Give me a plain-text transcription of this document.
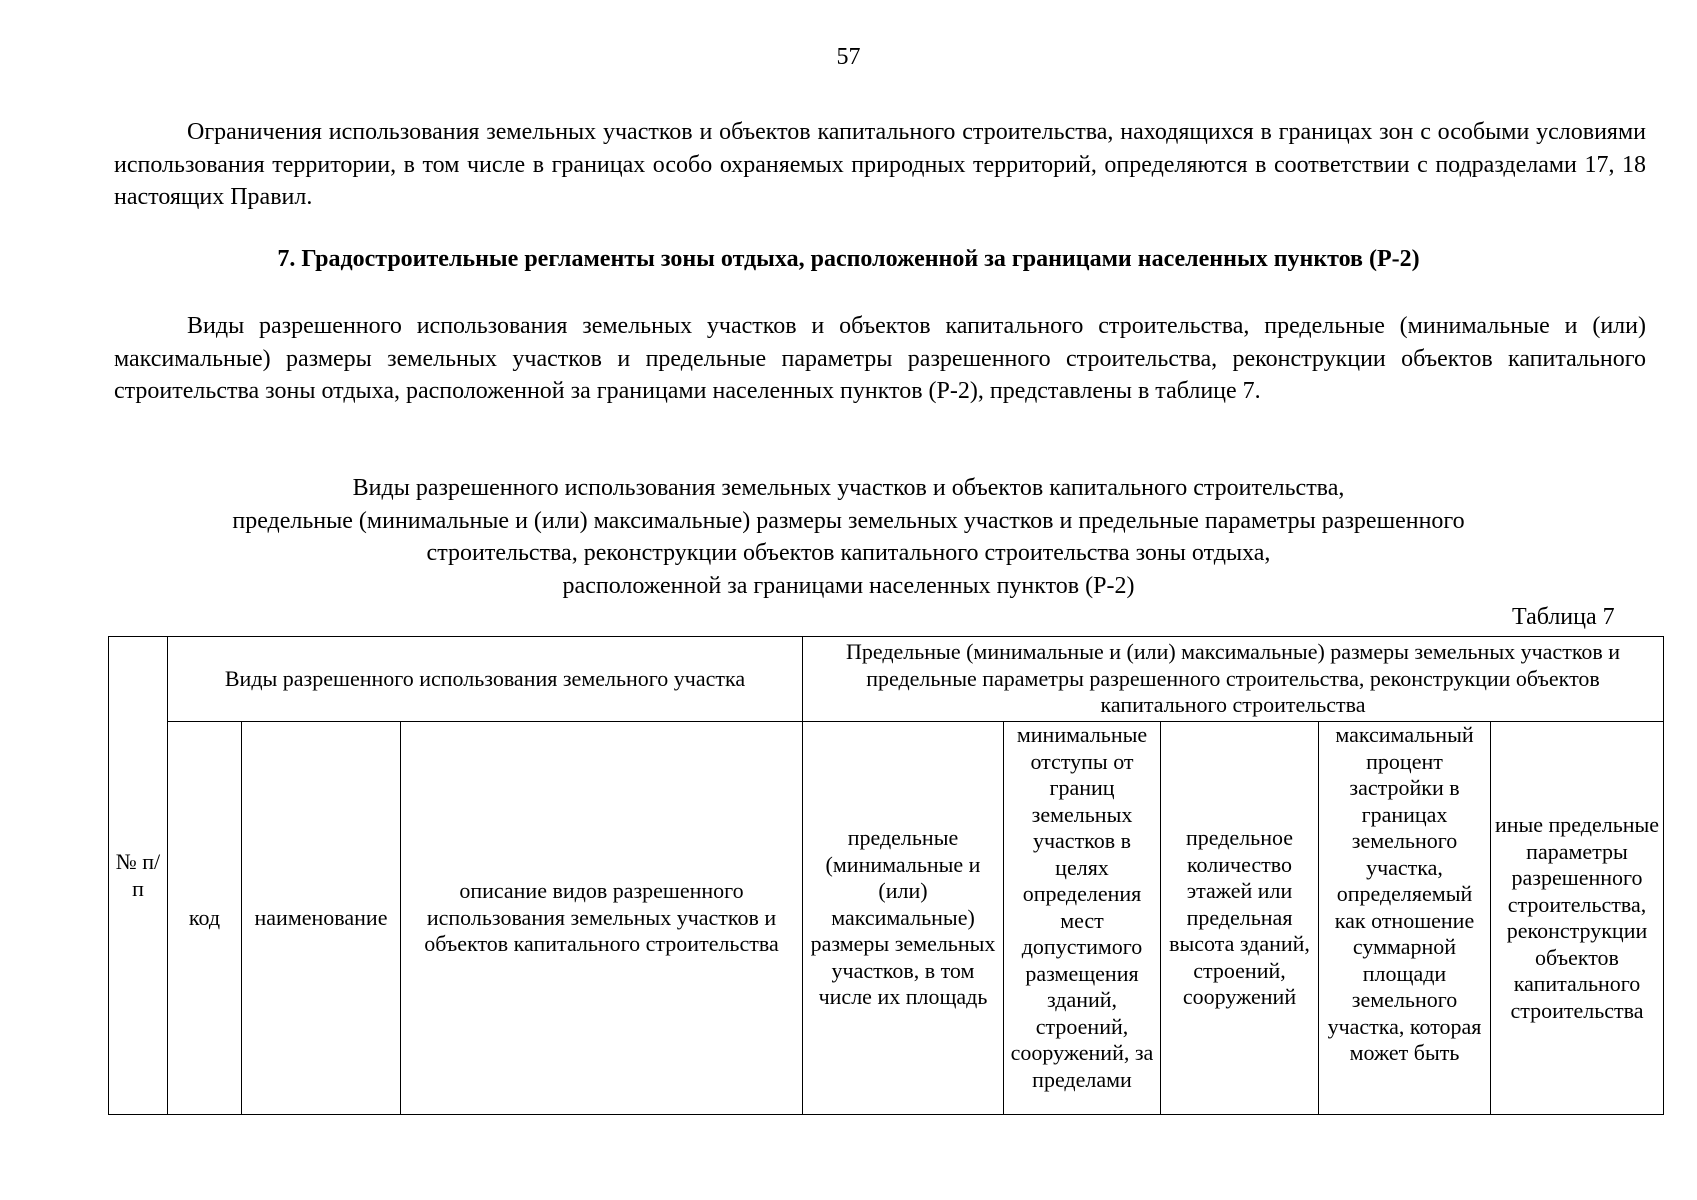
57

Ограничения использования земельных участков и объектов капитального строительства, находящихся в границах зон с особыми условиями использования территории, в том числе в границах особо охраняемых природных территорий, определяются в соответствии с подразделами 17, 18 настоящих Правил.

7. Градостроительные регламенты зоны отдыха, расположенной за границами населенных пунктов (Р-2)

Виды разрешенного использования земельных участков и объектов капитального строительства, предельные (минимальные и (или) максимальные) размеры земельных участков и предельные параметры разрешенного строительства, реконструкции объектов капитального строительства зоны отдыха, расположенной за границами населенных пунктов (Р-2), представлены в таблице 7.

Виды разрешенного использования земельных участков и объектов капитального строительства,
предельные (минимальные и (или) максимальные) размеры земельных участков и предельные параметры разрешенного
строительства, реконструкции объектов капитального строительства зоны отдыха,
расположенной за границами населенных пунктов (Р-2)
Таблица 7
№ п/п	Виды разрешенного использования земельного участка			Предельные (минимальные и (или) максимальные) размеры земельных участков и предельные параметры разрешенного строительства, реконструкции объектов капитального строительства				
	код	наименование	описание видов разрешенного использования земельных участков и объектов капитального строительства	предельные (минимальные и (или) максимальные) размеры земельных участков, в том числе их площадь	минимальные отступы от границ земельных участков в целях определения мест допустимого размещения зданий, строений, сооружений, за пределами	предельное количество этажей или предельная высота зданий, строений, сооружений	максимальный процент застройки в границах земельного участка, определяемый как отношение суммарной площади земельного участка, которая может быть	иные предельные параметры разрешенного строительства, реконструкции объектов капитального строительства
